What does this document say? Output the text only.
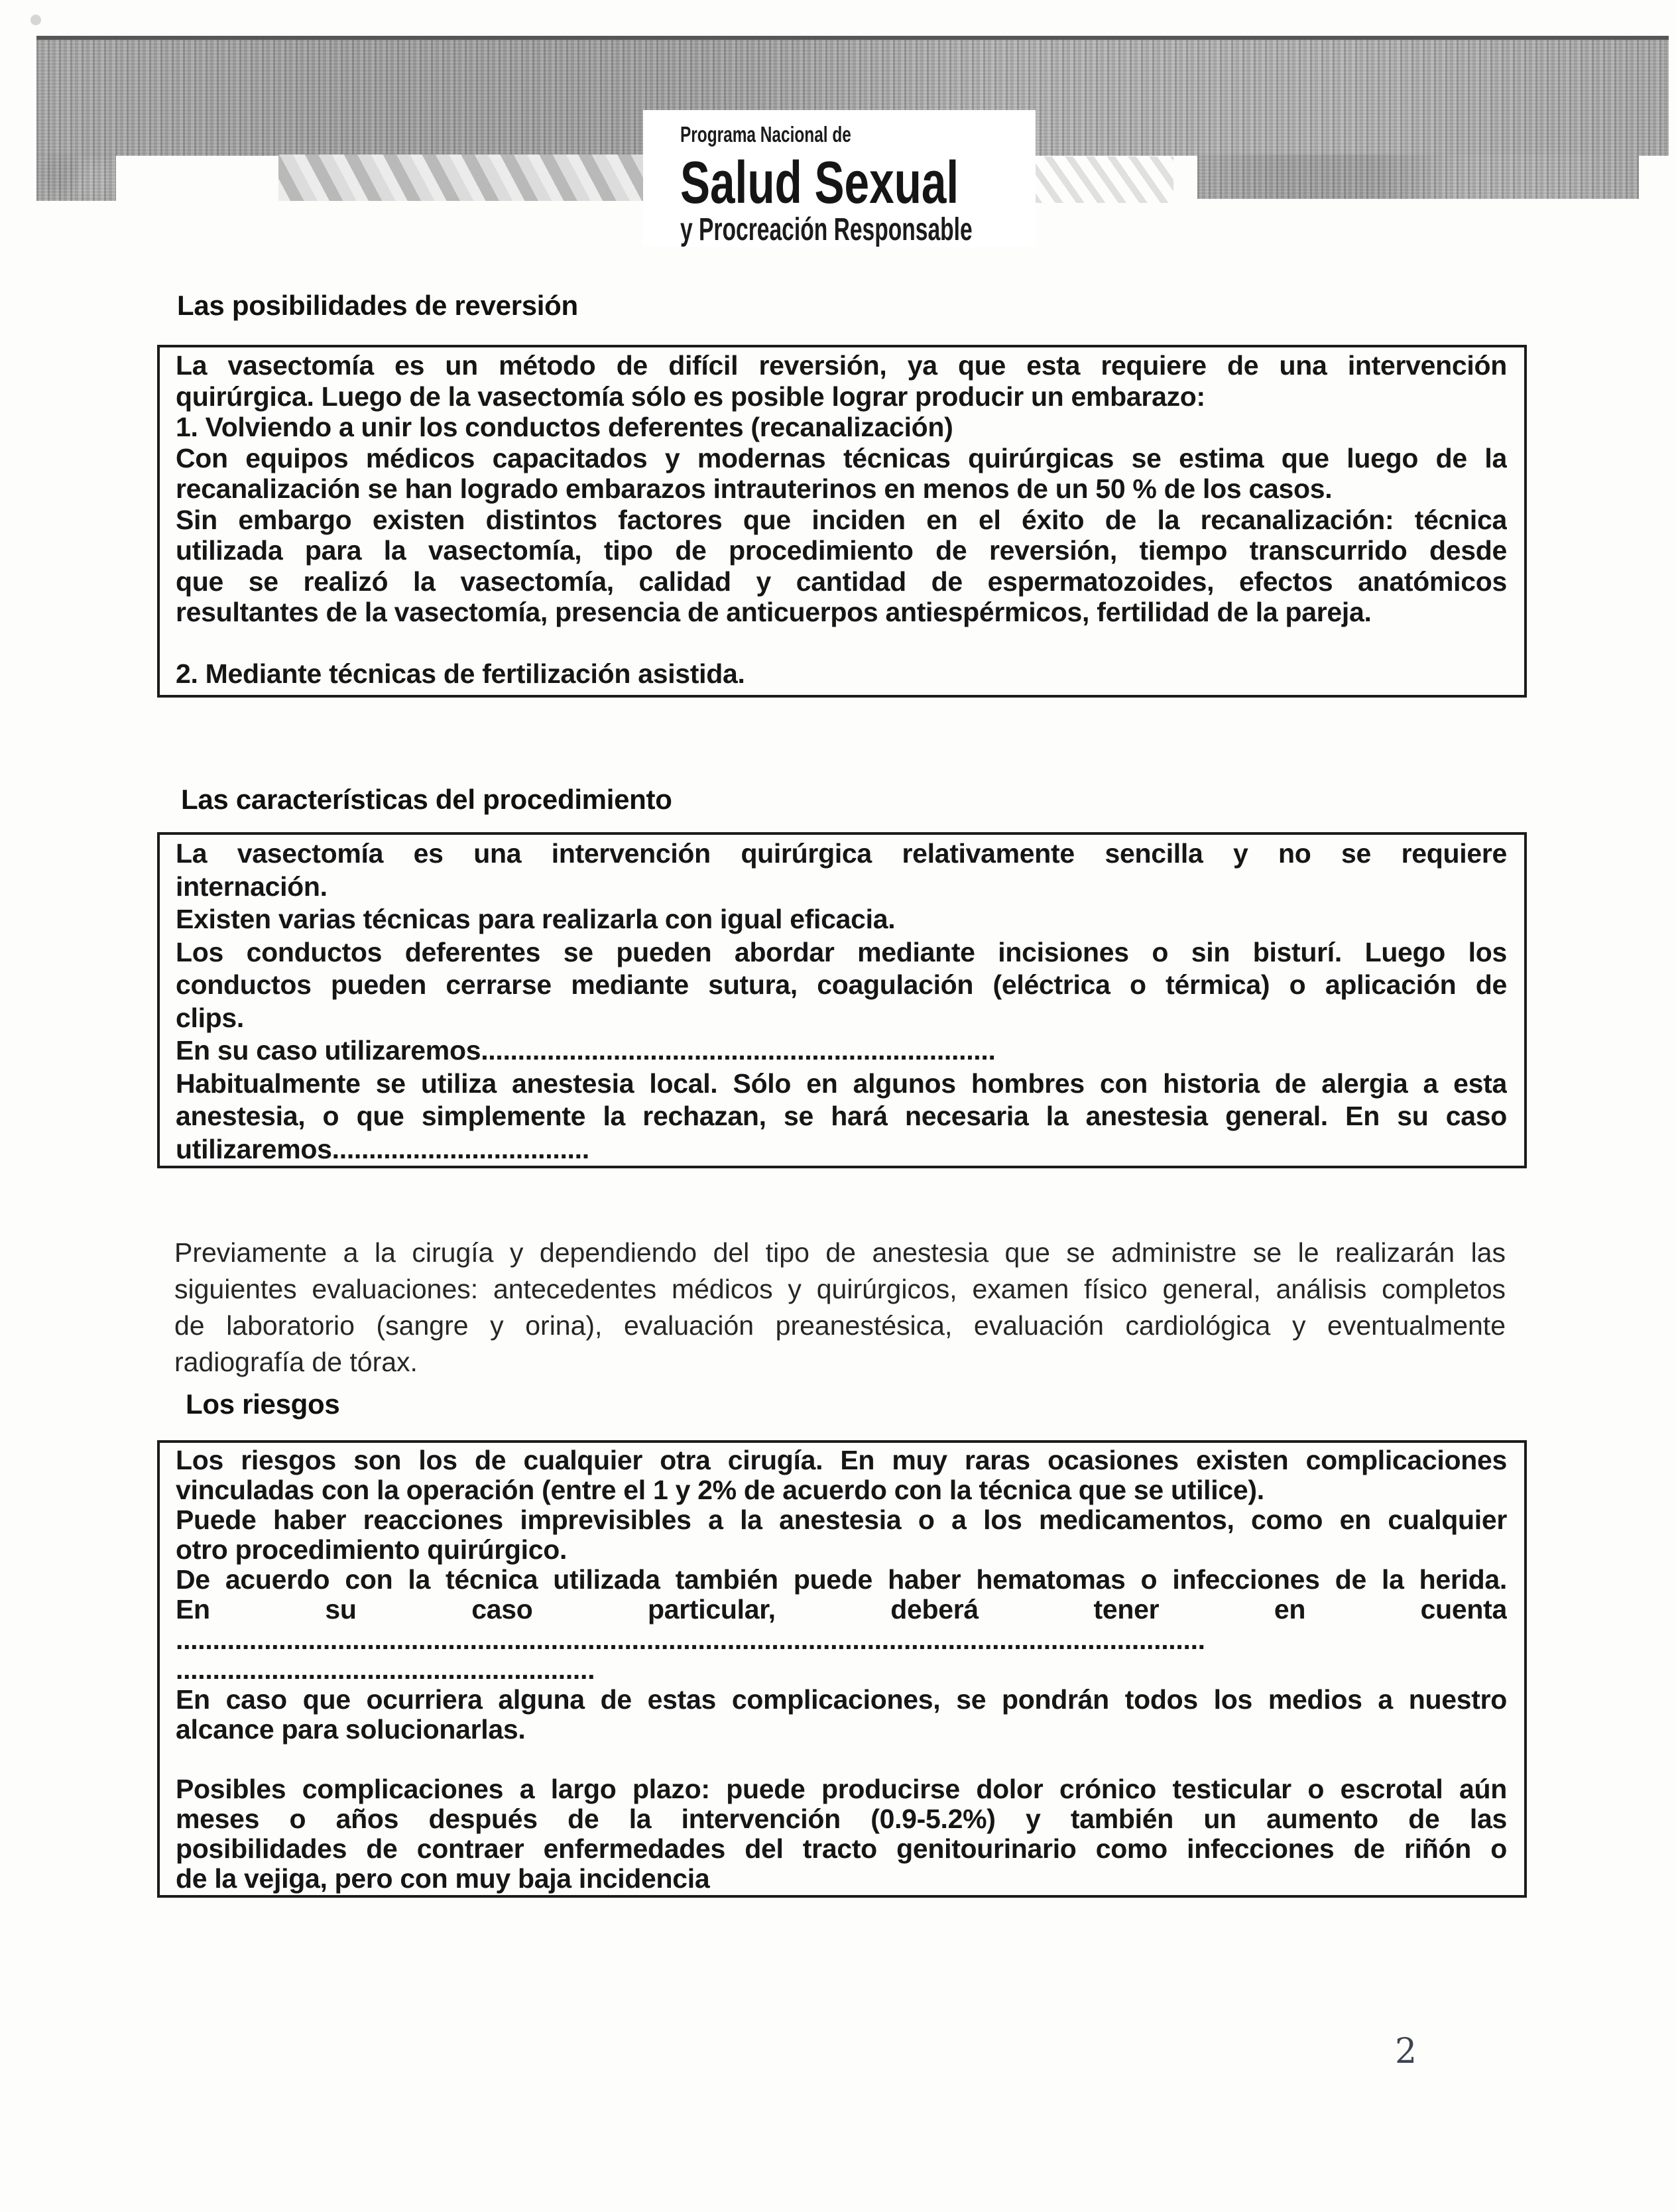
Programa Nacional de
Salud Sexual
y Procreación Responsable
Las posibilidades de reversión
La vasectomía es un método de difícil reversión, ya que esta requiere de una intervención
quirúrgica. Luego de la vasectomía sólo es posible lograr producir un embarazo:
1. Volviendo a unir los conductos deferentes (recanalización)
Con equipos médicos capacitados y modernas técnicas quirúrgicas se estima que luego de la
recanalización se han logrado embarazos intrauterinos en menos de un 50 % de los casos.
Sin embargo existen distintos factores que inciden en el éxito de la recanalización: técnica
utilizada para la vasectomía, tipo de procedimiento de reversión, tiempo transcurrido desde
que se realizó la vasectomía, calidad y cantidad de espermatozoides, efectos anatómicos
resultantes de la vasectomía, presencia de anticuerpos antiespérmicos, fertilidad de la pareja.

2. Mediante técnicas de fertilización asistida.
Las características del procedimiento
La vasectomía es una intervención quirúrgica relativamente sencilla y no se requiere
internación.
Existen varias técnicas para realizarla con igual eficacia.
Los conductos deferentes se pueden abordar mediante incisiones o sin bisturí. Luego los
conductos pueden cerrarse mediante sutura, coagulación (eléctrica o térmica) o aplicación de
clips.
En su caso utilizaremos......................................................................
Habitualmente se utiliza anestesia local. Sólo en algunos hombres con historia de alergia a esta
anestesia, o que simplemente la rechazan, se hará necesaria la anestesia general. En su caso
utilizaremos...................................
Previamente a la cirugía y dependiendo del tipo de anestesia que se administre se le realizarán las
siguientes evaluaciones: antecedentes médicos y quirúrgicos, examen físico general, análisis completos
de laboratorio (sangre y orina), evaluación preanestésica, evaluación cardiológica y eventualmente
radiografía de tórax.
Los riesgos
Los riesgos son los de cualquier otra cirugía. En muy raras ocasiones existen complicaciones
vinculadas con la operación (entre el 1 y 2% de acuerdo con la técnica que se utilice).
Puede haber reacciones imprevisibles a la anestesia o a los medicamentos, como en cualquier
otro procedimiento quirúrgico.
De acuerdo con la técnica utilizada también puede haber hematomas o infecciones de la herida.
En su caso particular, deberá tener en cuenta
............................................................................................................................................
.........................................................
En caso que ocurriera alguna de estas complicaciones, se pondrán todos los medios a nuestro
alcance para solucionarlas.

Posibles complicaciones a largo plazo: puede producirse dolor crónico testicular o escrotal aún
meses o años después de la intervención (0.9-5.2%) y también un aumento de las
posibilidades de contraer enfermedades del tracto genitourinario como infecciones de riñón o
de la vejiga, pero con muy baja incidencia
2
